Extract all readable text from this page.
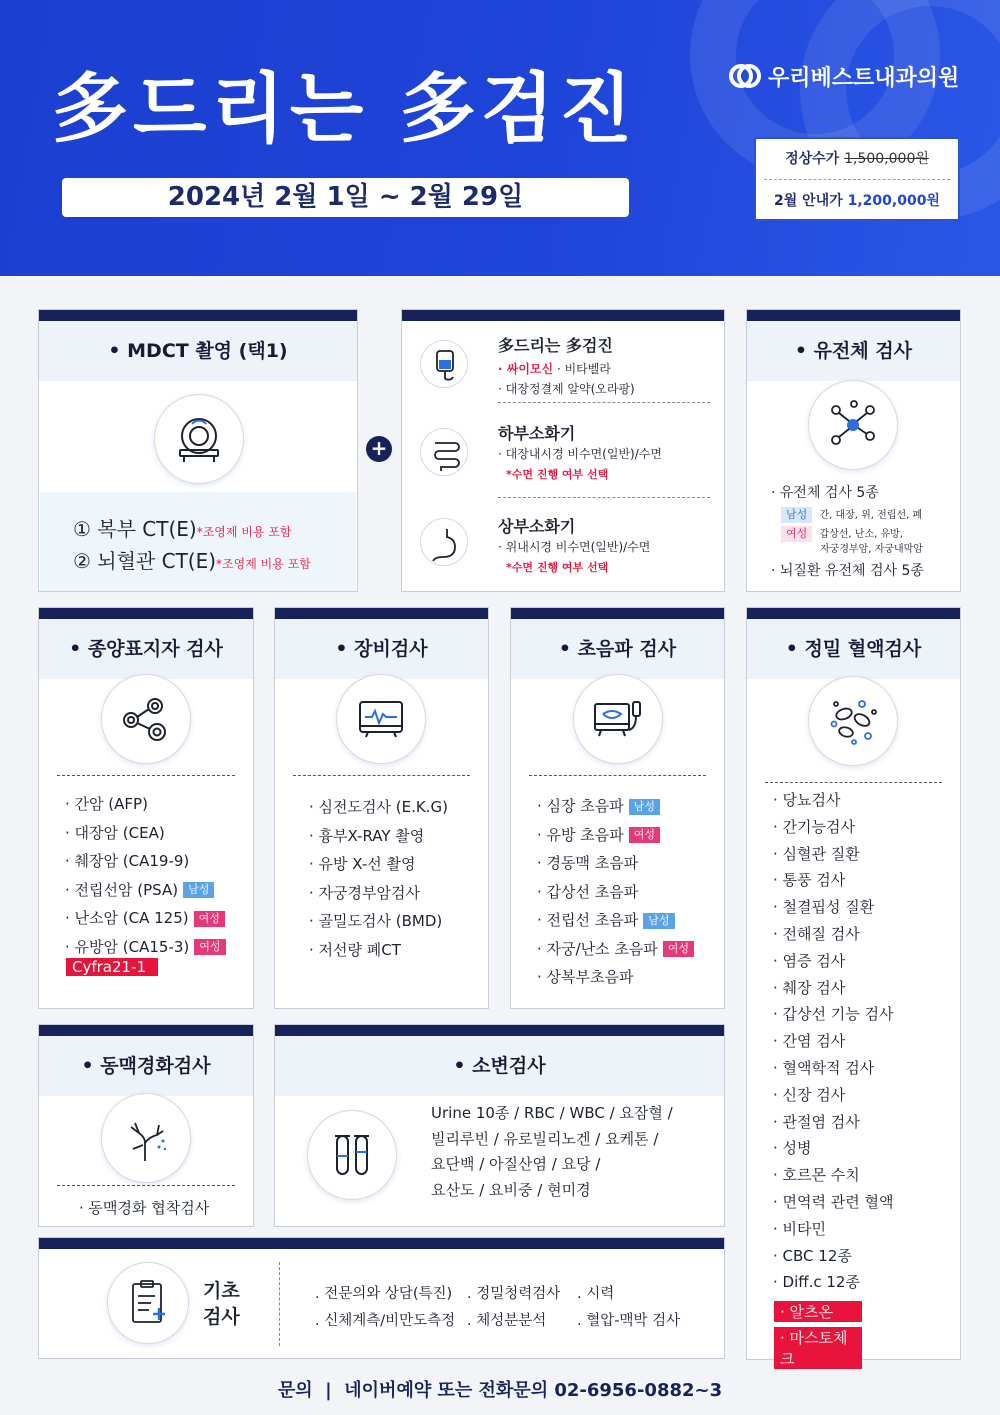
多드리는 多검진
2024년 2월 1일 ~ 2월 29일
우리베스트내과의원
정상수가 1,500,000원
2월 안내가 1,200,000원
• MDCT 촬영 (택1)
① 복부 CT(E)*조영제 비용 포함
② 뇌혈관 CT(E)*조영제 비용 포함
+
多드리는 多검진
· 싸이모신 · 비타벨라
· 대장정결제 알약(오라팡)
하부소화기
· 대장내시경 비수면(일반)/수면
*수면 진행 여부 선택
상부소화기
· 위내시경 비수면(일반)/수면
*수면 진행 여부 선택
• 유전체 검사
· 유전체 검사 5종
남성 간, 대장, 위, 전립선, 폐
여성 갑상선, 난소, 유방,
자궁경부암, 자궁내막암
· 뇌질환 유전체 검사 5종
• 종양표지자 검사
· 간암 (AFP)
· 대장암 (CEA)
· 췌장암 (CA19-9)
· 전립선암 (PSA) 남성
· 난소암 (CA 125) 여성
· 유방암 (CA15-3) 여성
Cyfra21-1
• 장비검사
· 심전도검사 (E.K.G)
· 흉부X-RAY 촬영
· 유방 X-선 촬영
· 자궁경부암검사
· 골밀도검사 (BMD)
· 저선량 폐CT
• 초음파 검사
· 심장 초음파 남성
· 유방 초음파 여성
· 경동맥 초음파
· 갑상선 초음파
· 전립선 초음파 남성
· 자궁/난소 초음파 여성
· 상복부초음파
• 정밀 혈액검사
· 당뇨검사
· 간기능검사
· 심혈관 질환
· 통풍 검사
· 철결핍성 질환
· 전해질 검사
· 염증 검사
· 췌장 검사
· 갑상선 기능 검사
· 간염 검사
· 혈액학적 검사
· 신장 검사
· 관절염 검사
· 성병
· 호르몬 수치
· 면역력 관련 혈액
· 비타민
· CBC 12종
· Diff.c 12종
· 알츠온
· 마스토체크
• 동맥경화검사
· 동맥경화 협착검사
• 소변검사
Urine 10종 / RBC / WBC / 요잠혈 /
빌리루빈 / 유로빌리노겐 / 요케톤 /
요단백 / 아질산염 / 요당 /
요산도 / 요비중 / 현미경
기초
검사
. 전문의와 상담(특진) . 정밀청력검사 . 시력
. 신체계측/비만도측정 . 체성분분석 . 혈압-맥박 검사
문의  |  네이버예약 또는 전화문의 02-6956-0882~3
